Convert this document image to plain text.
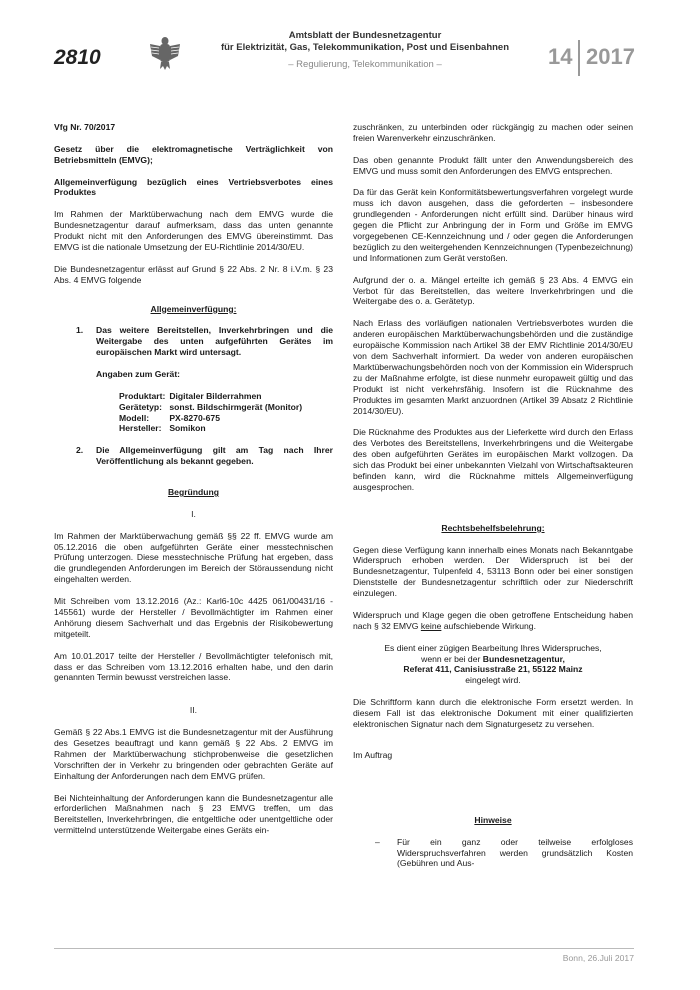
2810
Amtsblatt der Bundesnetzagentur
für Elektrizität, Gas, Telekommunikation, Post und Eisenbahnen
– Regulierung, Telekommunikation –	14 2017

Vfg Nr. 70/2017

Gesetz über die elektromagnetische Verträglichkeit von Betriebsmitteln (EMVG);

Allgemeinverfügung bezüglich eines Vertriebsverbotes eines Produktes

Im Rahmen der Marktüberwachung nach dem EMVG wurde die Bundesnetzagentur darauf aufmerksam, dass das unten genannte Produkt nicht mit den Anforderungen des EMVG übereinstimmt. Das EMVG ist die nationale Umsetzung der EU-Richtlinie 2014/30/EU.

Die Bundesnetzagentur erlässt auf Grund § 22 Abs. 2 Nr. 8 i.V.m. § 23 Abs. 4 EMVG folgende

Allgemeinverfügung:

1.	Das weitere Bereitstellen, Inverkehrbringen und die Weitergabe des unten aufgeführten Gerätes im europäischen Markt wird untersagt.

Angaben zum Gerät:

Produktart:	Digitaler Bilderrahmen
Gerätetyp:	sonst. Bildschirmgerät (Monitor)
Modell:	PX-8270-675
Hersteller:	Somikon
2.	Die Allgemeinverfügung gilt am Tag nach Ihrer Veröffentlichung als bekannt gegeben.

Begründung

I.

Im Rahmen der Marktüberwachung gemäß §§ 22 ff. EMVG wurde am 05.12.2016 die oben aufgeführten Geräte einer messtechnischen Prüfung unterzogen. Diese messtechnische Prüfung hat ergeben, dass die grundlegenden Anforderungen im Bereich der Störaussendung nicht eingehalten werden.

Mit Schreiben vom 13.12.2016 (Az.: Karl6-10c 4425 061/00431/16 - 145561) wurde der Hersteller / Bevollmächtigter im Rahmen einer Anhörung diesem Sachverhalt und das Ergebnis der Risikobewertung mitgeteilt.

Am 10.01.2017 teilte der Hersteller / Bevollmächtigter telefonisch mit, dass er das Schreiben vom 13.12.2016 erhalten habe, und den darin genannten Termin bewusst verstreichen lasse.

II.

Gemäß § 22 Abs.1 EMVG ist die Bundesnetzagentur mit der Ausführung des Gesetzes beauftragt und kann gemäß § 22 Abs. 2 EMVG im Rahmen der Marktüberwachung stichprobenweise die gesetzlichen Vorschriften der in Verkehr zu bringenden oder gebrachten Geräte auf Einhaltung der Anforderungen nach dem EMVG prüfen.

Bei Nichteinhaltung der Anforderungen kann die Bundesnetzagentur alle erforderlichen Maßnahmen nach § 23 EMVG treffen, um das Bereitstellen, Inverkehrbringen, die entgeltliche oder unentgeltliche oder vermittelnd unterstützende Weitergabe eines Geräts ein-

zuschränken, zu unterbinden oder rückgängig zu machen oder seinen freien Warenverkehr einzuschränken.

Das oben genannte Produkt fällt unter den Anwendungsbereich des EMVG und muss somit den Anforderungen des EMVG entsprechen.

Da für das Gerät kein Konformitätsbewertungsverfahren vorgelegt wurde muss ich davon ausgehen, dass die geforderten – insbesondere grundlegenden - Anforderungen nicht erfüllt sind. Darüber hinaus wird gegen die Pflicht zur Anbringung der in Form und Größe im EMVG vorgegebenen CE-Kennzeichnung und / oder gegen die Anforderungen bezüglich zu den weitergehenden Kennzeichnungen (Typenbezeichnung) und Informationen zum Gerät verstoßen.

Aufgrund der o. a. Mängel erteilte ich gemäß § 23 Abs. 4 EMVG ein Verbot für das Bereitstellen, das weitere Inverkehrbringen und die Weitergabe des o. a. Gerätetyp.

Nach Erlass des vorläufigen nationalen Vertriebsverbotes wurden die anderen europäischen Marktüberwachungsbehörden und die zuständige europäische Kommission nach Artikel 38 der EMV Richtlinie 2014/30/EU von dem Sachverhalt informiert. Da weder von anderen europäischen Marktüberwachungsbehörden noch von der Kommission ein Widerspruch zu der Maßnahme erfolgte, ist diese nunmehr europaweit gültig und das Produkt ist nicht verkehrsfähig. Insofern ist die Rücknahme des Produktes im gesamten Markt anzuordnen (Artikel 39 Absatz 2 Richtlinie 2014/30/EU).

Die Rücknahme des Produktes aus der Lieferkette wird durch den Erlass des Verbotes des Bereitstellens, Inverkehrbringens und die Weitergabe des oben aufgeführten Gerätes im europäischen Markt vollzogen. Da sich das Produkt bei einer unbekannten Vielzahl von Wirtschaftsakteuren befinden kann, wird die Rücknahme mittels Allgemeinverfügung ausgesprochen.

Rechtsbehelfsbelehrung:

Gegen diese Verfügung kann innerhalb eines Monats nach Bekanntgabe Widerspruch erhoben werden. Der Widerspruch ist bei der Bundesnetzagentur, Tulpenfeld 4, 53113 Bonn oder bei einer sonstigen Dienststelle der Bundesnetzagentur schriftlich oder zur Niederschrift einzulegen.

Widerspruch und Klage gegen die oben getroffene Entscheidung haben nach § 32 EMVG keine aufschiebende Wirkung.

Es dient einer zügigen Bearbeitung Ihres Widerspruches,
wenn er bei der Bundesnetzagentur,
Referat 411, Canisiusstraße 21, 55122 Mainz
eingelegt wird.

Die Schriftform kann durch die elektronische Form ersetzt werden. In diesem Fall ist das elektronische Dokument mit einer qualifizierten elektronischen Signatur nach dem Signaturgesetz zu versehen.

Im Auftrag

Hinweise

–	Für ein ganz oder teilweise erfolgloses Widerspruchsverfahren werden grundsätzlich Kosten (Gebühren und Aus-
Bonn, 26.Juli 2017
